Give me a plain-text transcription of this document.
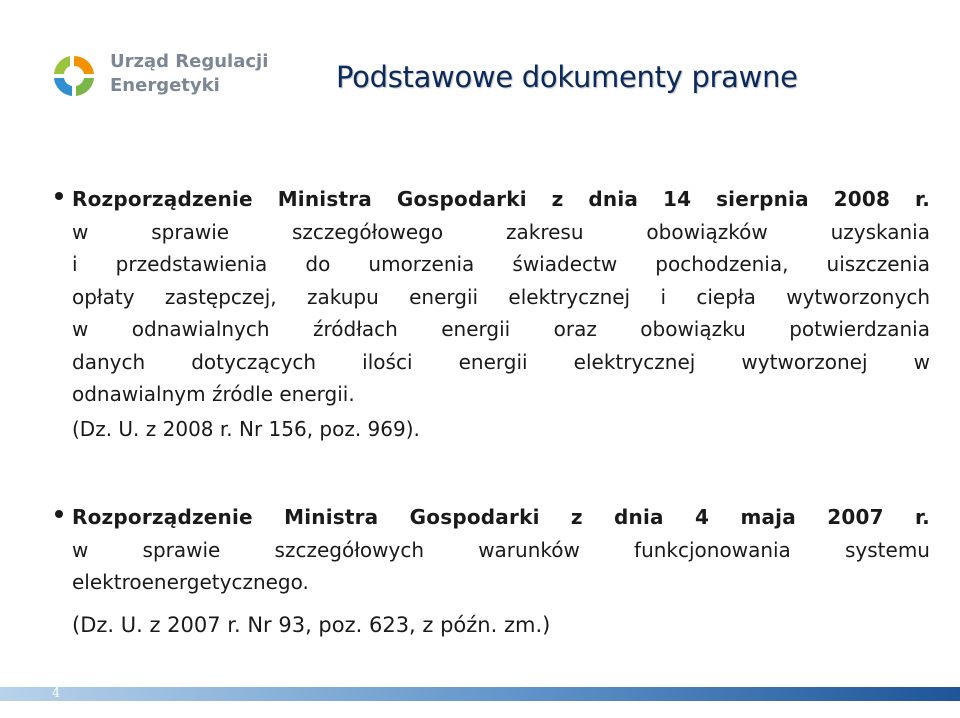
Urząd Regulacji
Energetyki	Podstawowe dokumenty prawne
Rozporządzenie Ministra Gospodarki z dnia 14 sierpnia 2008 r.
w sprawie szczegółowego zakresu obowiązków uzyskania
i przedstawienia do umorzenia świadectw pochodzenia, uiszczenia
opłaty zastępczej, zakupu energii elektrycznej i ciepła wytworzonych
w odnawialnych źródłach energii oraz obowiązku potwierdzania
danych dotyczących ilości energii elektrycznej wytworzonej w
odnawialnym źródle energii.
(Dz. U. z 2008 r. Nr 156, poz. 969).
Rozporządzenie Ministra Gospodarki z dnia 4 maja 2007 r.
w sprawie szczegółowych warunków funkcjonowania systemu
elektroenergetycznego.
(Dz. U. z 2007 r. Nr 93, poz. 623, z późn. zm.)
4
